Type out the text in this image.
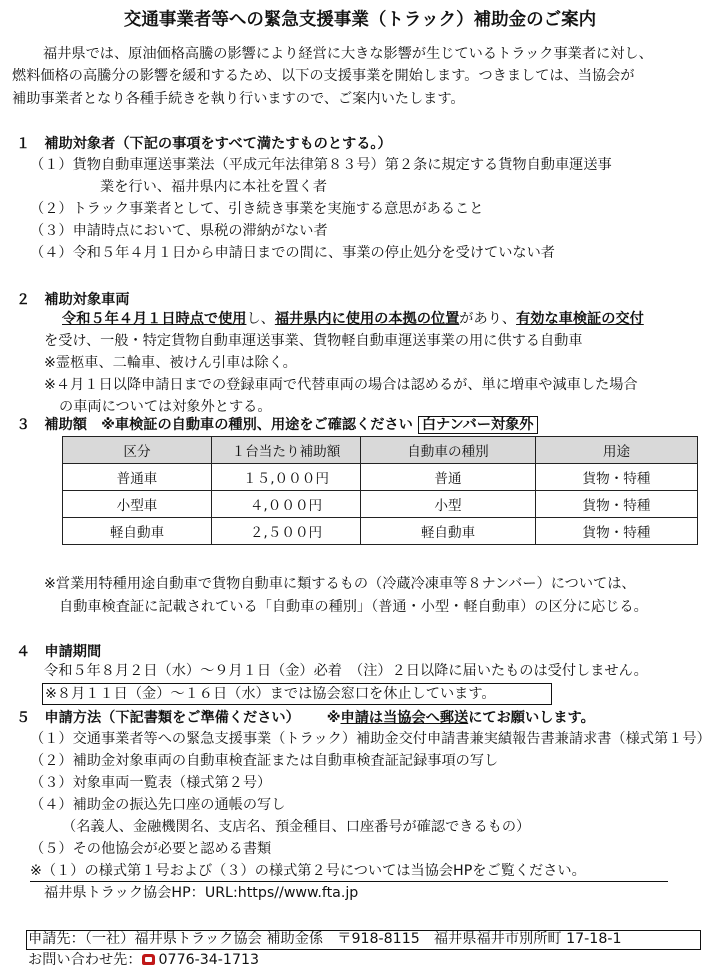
交通事業者等への緊急支援事業（トラック）補助金のご案内
福井県では、原油価格高騰の影響により経営に大きな影響が生じているトラック事業者に対し、
燃料価格の高騰分の影響を緩和するため、以下の支援事業を開始します。つきましては、当協会が
補助事業者となり各種手続きを執り行いますので、ご案内いたします。
１　補助対象者（下記の事項をすべて満たすものとする。）
（１）貨物自動車運送事業法（平成元年法律第８３号）第２条に規定する貨物自動車運送事
業を行い、福井県内に本社を置く者
（２）トラック事業者として、引き続き事業を実施する意思があること
（３）申請時点において、県税の滞納がない者
（４）令和５年４月１日から申請日までの間に、事業の停止処分を受けていない者
２　補助対象車両
令和５年４月１日時点で使用し、福井県内に使用の本拠の位置があり、有効な車検証の交付
を受け、一般・特定貨物自動車運送事業、貨物軽自動車運送事業の用に供する自動車
※霊柩車、二輪車、被けん引車は除く。
※４月１日以降申請日までの登録車両で代替車両の場合は認めるが、単に増車や減車した場合
の車両については対象外とする。
３　補助額　※車検証の自動車の種別、用途をご確認ください 白ナンバー対象外
区分	１台当たり補助額	自動車の種別	用途
普通車	１５,０００円	普通	貨物・特種
小型車	４,０００円	小型	貨物・特種
軽自動車	２,５００円	軽自動車	貨物・特種
※営業用特種用途自動車で貨物自動車に類するもの（冷蔵冷凍車等８ナンバー）については、
自動車検査証に記載されている「自動車の種別」（普通・小型・軽自動車）の区分に応じる。
４　申請期間
令和５年８月２日（水）～９月１日（金）必着　（注）２日以降に届いたものは受付しません。
※８月１１日（金）～１６日（水）までは協会窓口を休止しています。
５　申請方法（下記書類をご準備ください） ※申請は当協会へ郵送にてお願いします。
（１）交通事業者等への緊急支援事業（トラック）補助金交付申請書兼実績報告書兼請求書（様式第１号）
（２）補助金対象車両の自動車検査証または自動車検査証記録事項の写し
（３）対象車両一覧表（様式第２号）
（４）補助金の振込先口座の通帳の写し
（名義人、金融機関名、支店名、預金種目、口座番号が確認できるもの）
（５）その他協会が必要と認める書類
※（１）の様式第１号および（３）の様式第２号については当協会HPをご覧ください。
福井県トラック協会HP：URL:https//www.fta.jp
申請先：（一社）福井県トラック協会 補助金係　〒918-8115　福井県福井市別所町 17-18-1
お問い合わせ先： 0776-34-1713
